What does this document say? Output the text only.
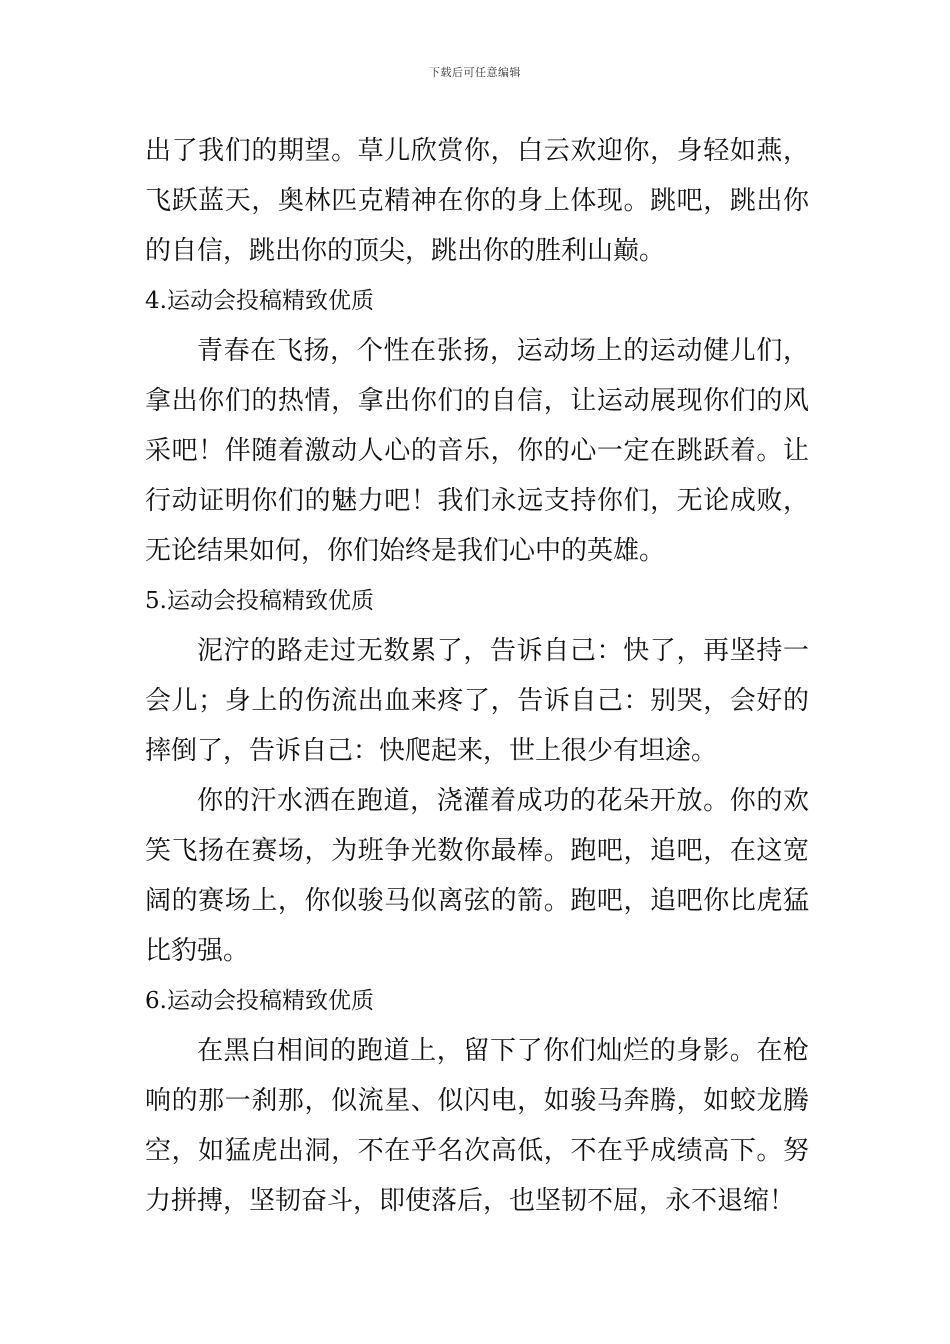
下载后可任意编辑

出了我们的期望。草儿欣赏你，白云欢迎你，身轻如燕，飞跃蓝天，奥林匹克精神在你的身上体现。跳吧，跳出你的自信，跳出你的顶尖，跳出你的胜利山巅。

4.运动会投稿精致优质

青春在飞扬，个性在张扬，运动场上的运动健儿们，拿出你们的热情，拿出你们的自信，让运动展现你们的风采吧！伴随着激动人心的音乐，你的心一定在跳跃着。让行动证明你们的魅力吧！我们永远支持你们，无论成败，无论结果如何，你们始终是我们心中的英雄。

5.运动会投稿精致优质

泥泞的路走过无数累了，告诉自己：快了，再坚持一会儿；身上的伤流出血来疼了，告诉自己：别哭，会好的摔倒了，告诉自己：快爬起来，世上很少有坦途。

你的汗水洒在跑道，浇灌着成功的花朵开放。你的欢笑飞扬在赛场，为班争光数你最棒。跑吧，追吧，在这宽阔的赛场上，你似骏马似离弦的箭。跑吧，追吧你比虎猛比豹强。

6.运动会投稿精致优质

在黑白相间的跑道上，留下了你们灿烂的身影。在枪响的那一刹那，似流星、似闪电，如骏马奔腾，如蛟龙腾空，如猛虎出洞，不在乎名次高低，不在乎成绩高下。努力拼搏，坚韧奋斗，即使落后，也坚韧不屈，永不退缩！
